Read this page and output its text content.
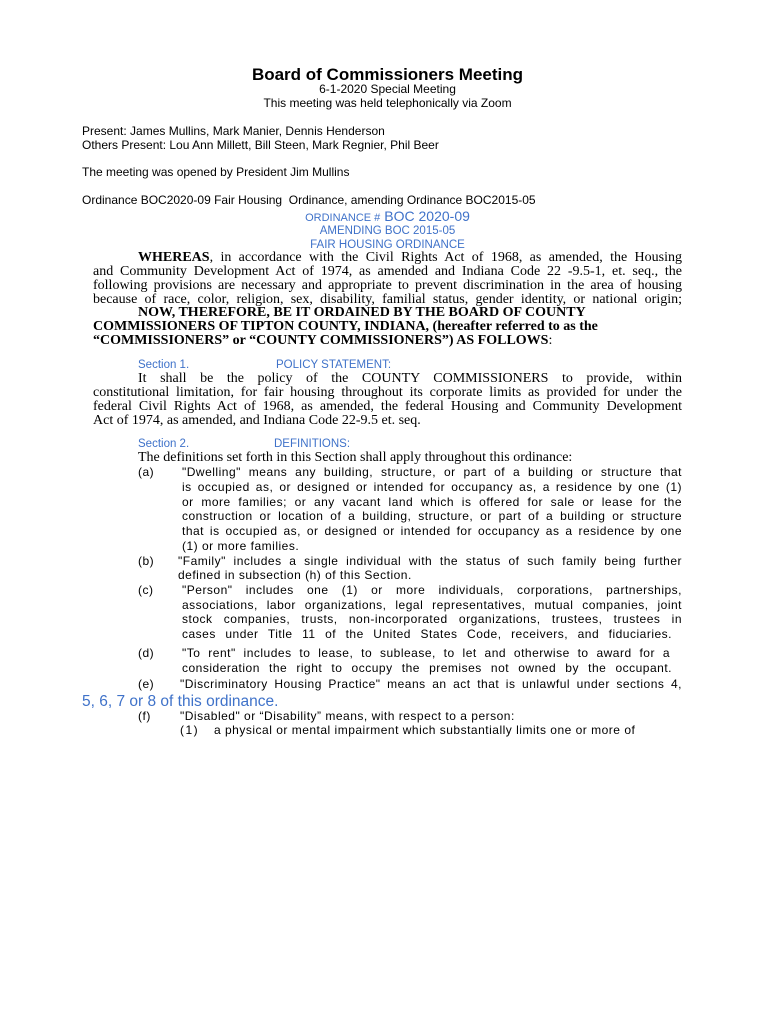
Board of Commissioners Meeting
6-1-2020 Special Meeting
This meeting was held telephonically via Zoom
Present: James Mullins, Mark Manier, Dennis Henderson
Others Present: Lou Ann Millett, Bill Steen, Mark Regnier, Phil Beer
The meeting was opened by President Jim Mullins
Ordinance BOC2020-09 Fair Housing  Ordinance, amending Ordinance BOC2015-05
ORDINANCE # BOC 2020-09
AMENDING BOC 2015-05
FAIR HOUSING ORDINANCE
WHEREAS, in accordance with the Civil Rights Act of 1968, as amended, the Housing
and Community Development Act of 1974, as amended and Indiana Code 22 -9.5-1, et. seq., the
following provisions are necessary and appropriate to prevent discrimination in the area of housing
because of race, color, religion, sex, disability, familial status, gender identity, or national origin;
NOW, THEREFORE, BE IT ORDAINED BY THE BOARD OF COUNTY
COMMISSIONERS OF TIPTON COUNTY, INDIANA, (hereafter referred to as the
“COMMISSIONERS” or “COUNTY COMMISSIONERS”) AS FOLLOWS:
Section 1.	POLICY STATEMENT:
It shall be the policy of the COUNTY COMMISSIONERS to provide, within
constitutional limitation, for fair housing throughout its corporate limits as provided for under the
federal Civil Rights Act of 1968, as amended, the federal Housing and Community Development
Act of 1974, as amended, and Indiana Code 22-9.5 et. seq.
Section 2.	DEFINITIONS:
The definitions set forth in this Section shall apply throughout this ordinance:
(a) "Dwelling" means any building, structure, or part of a building or structure that
is occupied as, or designed or intended for occupancy as, a residence by one (1)
or more families; or any vacant land which is offered for sale or lease for the
construction or location of a building, structure, or part of a building or structure
that is occupied as, or designed or intended for occupancy as a residence by one
(1) or more families.
(b) "Family" includes a single individual with the status of such family being further
defined in subsection (h) of this Section.
(c) "Person" includes one (1) or more individuals, corporations, partnerships,
associations, labor organizations, legal representatives, mutual companies, joint
stock companies, trusts, non-incorporated organizations, trustees, trustees in
cases under Title 11 of the United States Code, receivers, and fiduciaries.
(d) "To rent" includes to lease, to sublease, to let and otherwise to award for a
consideration the right to occupy the premises not owned by the occupant.
(e) "Discriminatory Housing Practice" means an act that is unlawful under sections 4,
5, 6, 7 or 8 of this ordinance.
(f) "Disabled" or “Disability” means, with respect to a person:
(1) a physical or mental impairment which substantially limits one or more of
